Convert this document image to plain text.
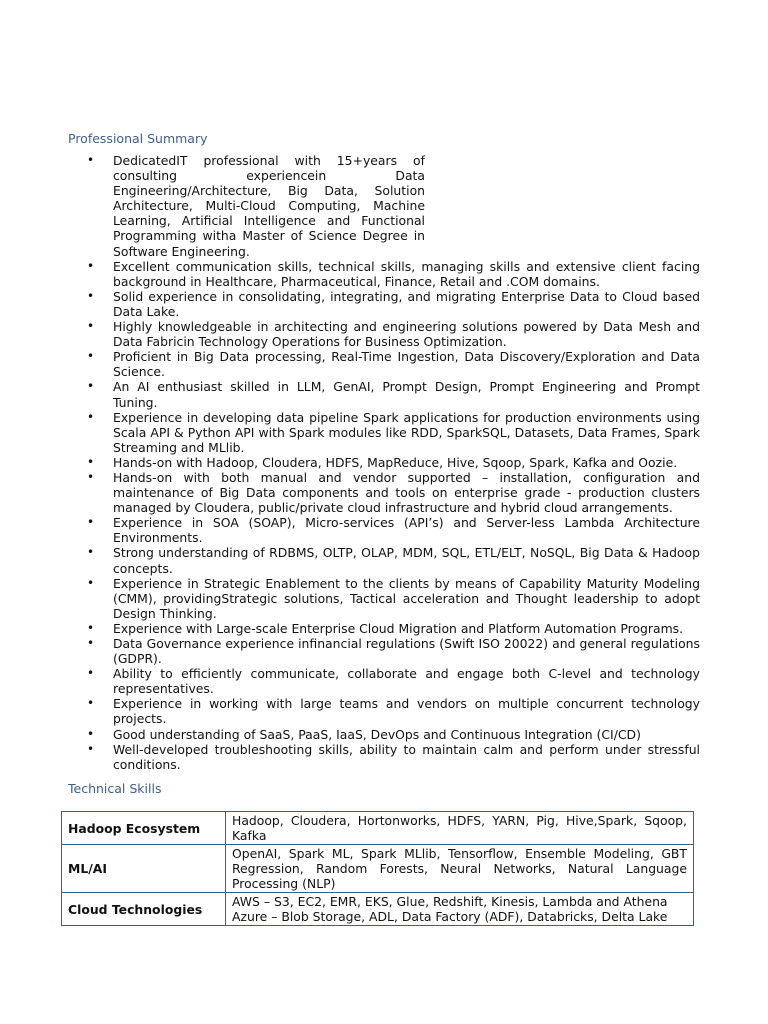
Professional Summary
• DedicatedIT professional with 15+years of consulting experiencein Data Engineering/Architecture, Big Data, Solution Architecture, Multi-Cloud Computing, Machine Learning, Artificial Intelligence and Functional Programming witha Master of Science Degree in Software Engineering.
• Excellent communication skills, technical skills, managing skills and extensive client facing background in Healthcare, Pharmaceutical, Finance, Retail and .COM domains.
• Solid experience in consolidating, integrating, and migrating Enterprise Data to Cloud based Data Lake.
• Highly knowledgeable in architecting and engineering solutions powered by Data Mesh and Data Fabricin Technology Operations for Business Optimization.
• Proficient in Big Data processing, Real-Time Ingestion, Data Discovery/Exploration and Data Science.
• An AI enthusiast skilled in LLM, GenAI, Prompt Design, Prompt Engineering and Prompt Tuning.
• Experience in developing data pipeline Spark applications for production environments using Scala API & Python API with Spark modules like RDD, SparkSQL, Datasets, Data Frames, Spark Streaming and MLlib.
• Hands-on with Hadoop, Cloudera, HDFS, MapReduce, Hive, Sqoop, Spark, Kafka and Oozie.
• Hands-on with both manual and vendor supported – installation, configuration and maintenance of Big Data components and tools on enterprise grade - production clusters managed by Cloudera, public/private cloud infrastructure and hybrid cloud arrangements.
• Experience in SOA (SOAP), Micro-services (API’s) and Server-less Lambda Architecture Environments.
• Strong understanding of RDBMS, OLTP, OLAP, MDM, SQL, ETL/ELT, NoSQL, Big Data & Hadoop concepts.
• Experience in Strategic Enablement to the clients by means of Capability Maturity Modeling (CMM), providingStrategic solutions, Tactical acceleration and Thought leadership to adopt Design Thinking.
• Experience with Large-scale Enterprise Cloud Migration and Platform Automation Programs.
• Data Governance experience infinancial regulations (Swift ISO 20022) and general regulations (GDPR).
• Ability to efficiently communicate, collaborate and engage both C-level and technology representatives.
• Experience in working with large teams and vendors on multiple concurrent technology projects.
• Good understanding of SaaS, PaaS, IaaS, DevOps and Continuous Integration (CI/CD)
• Well-developed troubleshooting skills, ability to maintain calm and perform under stressful conditions.
Technical Skills
Hadoop Ecosystem	Hadoop, Cloudera, Hortonworks, HDFS, YARN, Pig, Hive,Spark, Sqoop, Kafka
ML/AI	OpenAI, Spark ML, Spark MLlib, Tensorflow, Ensemble Modeling, GBT Regression, Random Forests, Neural Networks, Natural Language Processing (NLP)
Cloud Technologies	AWS – S3, EC2, EMR, EKS, Glue, Redshift, Kinesis, Lambda and Athena
Azure – Blob Storage, ADL, Data Factory (ADF), Databricks, Delta Lake
